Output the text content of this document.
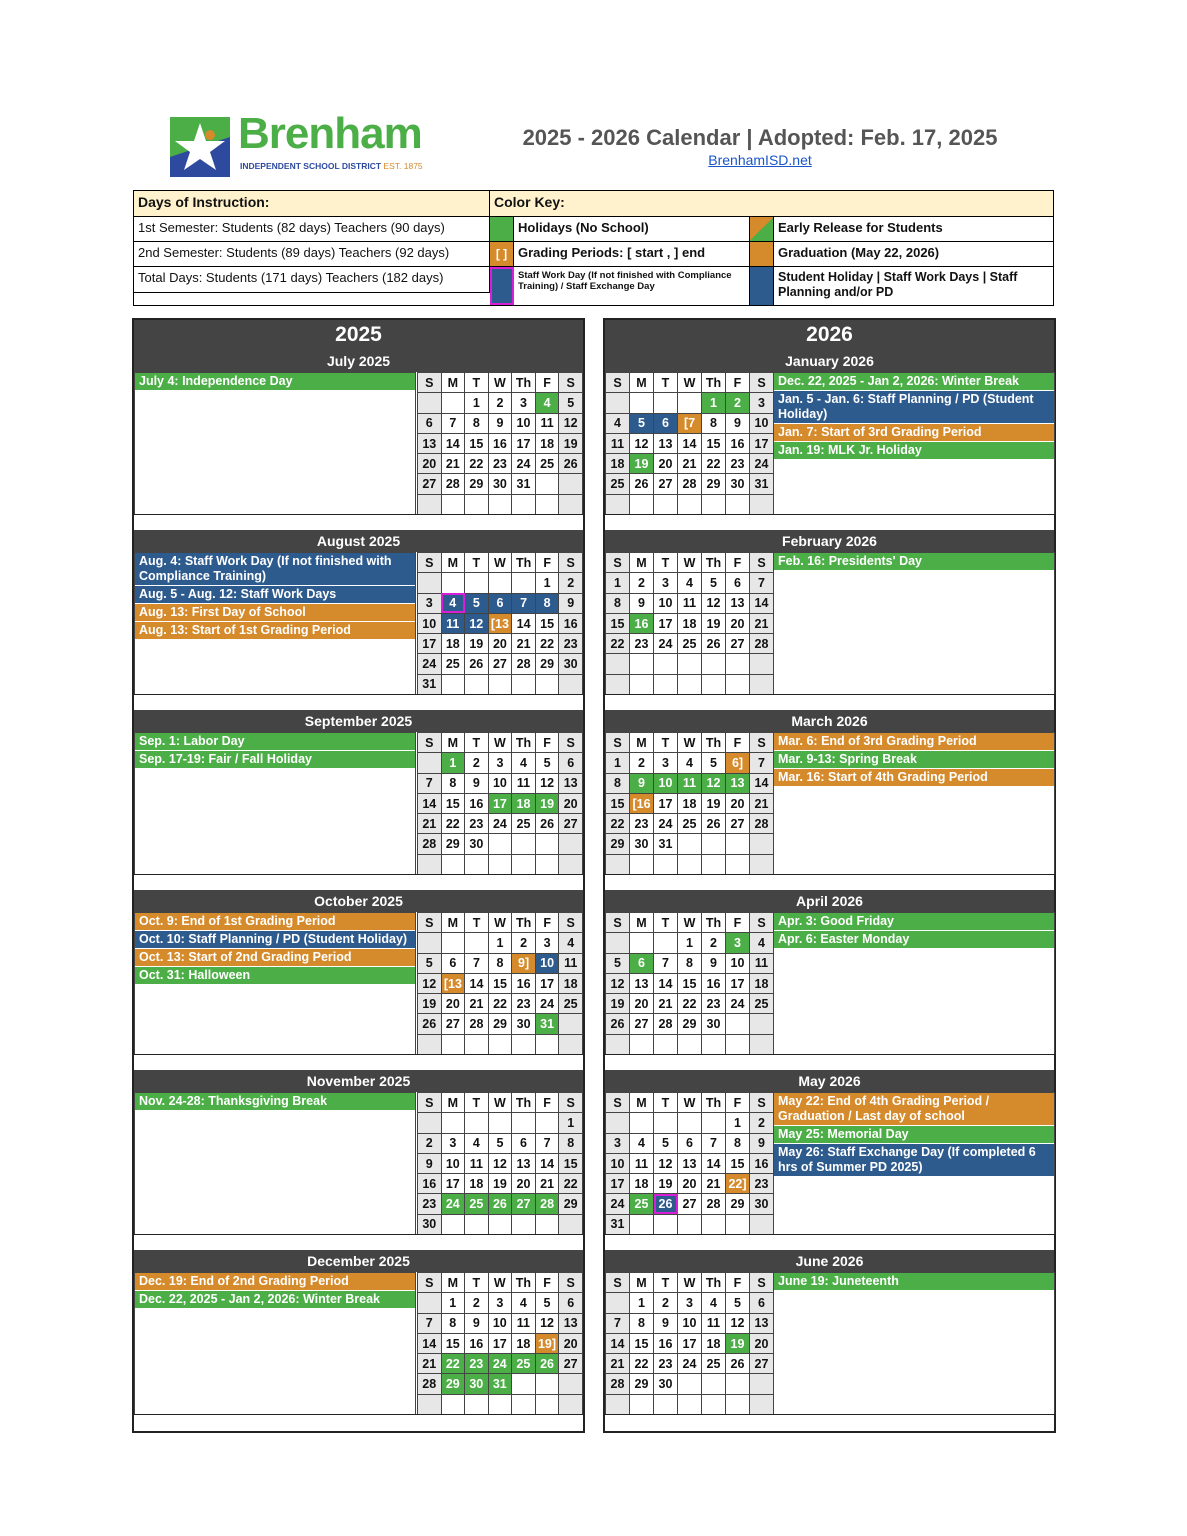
Brenham
INDEPENDENT SCHOOL DISTRICT EST. 1875
2025 - 2026 Calendar | Adopted: Feb. 17, 2025
BrenhamISD.net
Days of Instruction:
1st Semester: Students (82 days) Teachers (90 days)
2nd Semester: Students (89 days) Teachers (92 days)
Total Days: Students (171 days) Teachers (182 days)
Color Key:
Holidays (No School)
[ ] Grading Periods: [ start , ] end
Staff Work Day (If not finished with Compliance Training) / Staff Exchange Day
Early Release for Students
Graduation (May 22, 2026)
Student Holiday | Staff Work Days | Staff Planning and/or PD
2025
July 2025
July 4: Independence Day	S	M	T	W	Th	F	S
		1	2	3	4	5
6	7	8	9	10	11	12
13	14	15	16	17	18	19
20	21	22	23	24	25	26
27	28	29	30	31		

August 2025
Aug. 4: Staff Work Day (If not finished with Compliance Training)
Aug. 5 - Aug. 12: Staff Work Days
Aug. 13: First Day of School
Aug. 13: Start of 1st Grading Period
S	M	T	W	Th	F	S
					1	2
3	4	5	6	7	8	9
10	11	12	[13	14	15	16
17	18	19	20	21	22	23
24	25	26	27	28	29	30
31						
September 2025
Sep. 1: Labor Day
Sep. 17-19: Fair / Fall Holiday
S	M	T	W	Th	F	S
	1	2	3	4	5	6
7	8	9	10	11	12	13
14	15	16	17	18	19	20
21	22	23	24	25	26	27
28	29	30				

October 2025
Oct. 9: End of 1st Grading Period
Oct. 10: Staff Planning / PD (Student Holiday)
Oct. 13: Start of 2nd Grading Period
Oct. 31: Halloween
S	M	T	W	Th	F	S
			1	2	3	4
5	6	7	8	9]	10	11
12	[13	14	15	16	17	18
19	20	21	22	23	24	25
26	27	28	29	30	31	

November 2025
Nov. 24-28: Thanksgiving Break	S	M	T	W	Th	F	S
						1
2	3	4	5	6	7	8
9	10	11	12	13	14	15
16	17	18	19	20	21	22
23	24	25	26	27	28	29
30						
December 2025
Dec. 19: End of 2nd Grading Period
Dec. 22, 2025 - Jan 2, 2026: Winter Break
S	M	T	W	Th	F	S
	1	2	3	4	5	6
7	8	9	10	11	12	13
14	15	16	17	18	19]	20
21	22	23	24	25	26	27
28	29	30	31			

2026
January 2026
Dec. 22, 2025 - Jan 2, 2026: Winter Break
Jan. 5 - Jan. 6: Staff Planning / PD (Student Holiday)
Jan. 7: Start of 3rd Grading Period
Jan. 19: MLK Jr. Holiday
S	M	T	W	Th	F	S
				1	2	3
4	5	6	[7	8	9	10
11	12	13	14	15	16	17
18	19	20	21	22	23	24
25	26	27	28	29	30	31

February 2026
Feb. 16: Presidents' Day
S	M	T	W	Th	F	S
1	2	3	4	5	6	7
8	9	10	11	12	13	14
15	16	17	18	19	20	21
22	23	24	25	26	27	28

March 2026
Mar. 6: End of 3rd Grading Period
Mar. 9-13: Spring Break
Mar. 16: Start of 4th Grading Period
S	M	T	W	Th	F	S
1	2	3	4	5	6]	7
8	9	10	11	12	13	14
15	[16	17	18	19	20	21
22	23	24	25	26	27	28
29	30	31				

April 2026
Apr. 3: Good Friday
Apr. 6: Easter Monday
S	M	T	W	Th	F	S
			1	2	3	4
5	6	7	8	9	10	11
12	13	14	15	16	17	18
19	20	21	22	23	24	25
26	27	28	29	30		

May 2026
May 22: End of 4th Grading Period / Graduation / Last day of school
May 25: Memorial Day
May 26: Staff Exchange Day (If completed 6 hrs of Summer PD 2025)
S	M	T	W	Th	F	S
					1	2
3	4	5	6	7	8	9
10	11	12	13	14	15	16
17	18	19	20	21	22]	23
24	25	26	27	28	29	30
31						
June 2026
June 19: Juneteenth
S	M	T	W	Th	F	S
	1	2	3	4	5	6
7	8	9	10	11	12	13
14	15	16	17	18	19	20
21	22	23	24	25	26	27
28	29	30				
